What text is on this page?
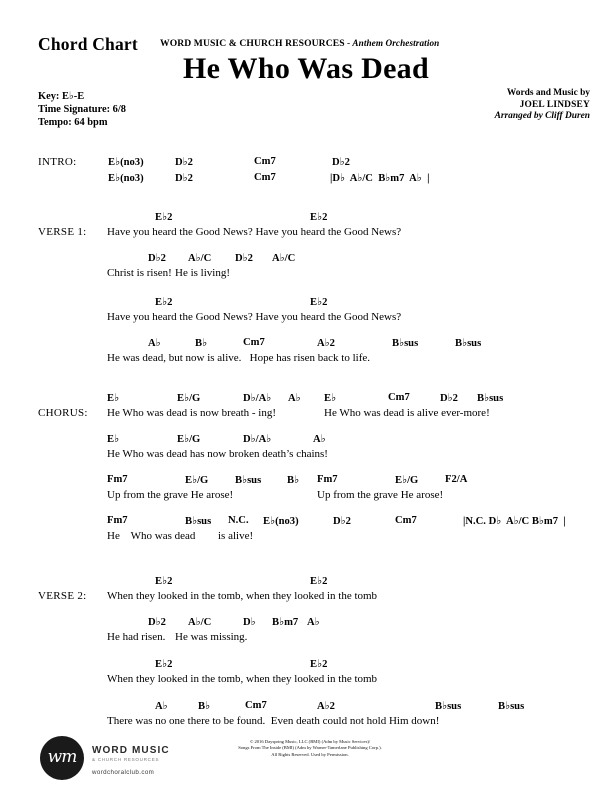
Chord Chart WORD MUSIC & CHURCH RESOURCES - Anthem Orchestration
He Who Was Dead
Key: E♭-E
Time Signature: 6/8
Tempo: 64 bpm
Words and Music by
JOEL LINDSEY
Arranged by Cliff Duren
INTRO:	E♭(no3)	D♭2	Cm7	D♭2
E♭(no3)	D♭2	Cm7	|D♭  A♭/C  B♭m7  A♭  |
VERSE 1:
E♭2	E♭2
Have you heard the Good News? Have you heard the Good News?
D♭2 A♭/C D♭2 A♭/C
Christ is risen! He is living!
E♭2	E♭2
Have you heard the Good News? Have you heard the Good News?
A♭	B♭	Cm7	A♭2	B♭sus	B♭sus
He was dead, but now is alive.   Hope has risen back to life.
CHORUS:
E♭	E♭/G	D♭/A♭ A♭ E♭	Cm7	D♭2 B♭sus
He Who was dead is now breath - ing!	He Who was dead is alive ever-more!
E♭	E♭/G	D♭/A♭	A♭
He Who was dead has now broken death’s chains!
Fm7	E♭/G	B♭sus B♭ Fm7	E♭/G	F2/A
Up from the grave He arose!	Up from the grave He arose!
Fm7	B♭sus N.C. E♭(no3)	D♭2	Cm7	|N.C. D♭  A♭/C B♭m7  |
He    Who was dead is alive!
VERSE 2:
E♭2	E♭2
When they looked in the tomb, when they looked in the tomb
D♭2 A♭/C	D♭ B♭m7 A♭
He had risen. He was missing.
E♭2	E♭2
When they looked in the tomb, when they looked in the tomb
A♭	B♭	Cm7	A♭2	B♭sus	B♭sus
There was no one there to be found.  Even death could not hold Him down!
wm	WORD MUSIC
& CHURCH RESOURCES
wordchoralclub.com
© 2016 Dayspring Music, LLC (BMI) (Adm by Music Services)/
Songs From The Inside (BMI) (Adm by Warner-Tamerlane Publishing Corp.).
All Rights Reserved. Used by Permission.
